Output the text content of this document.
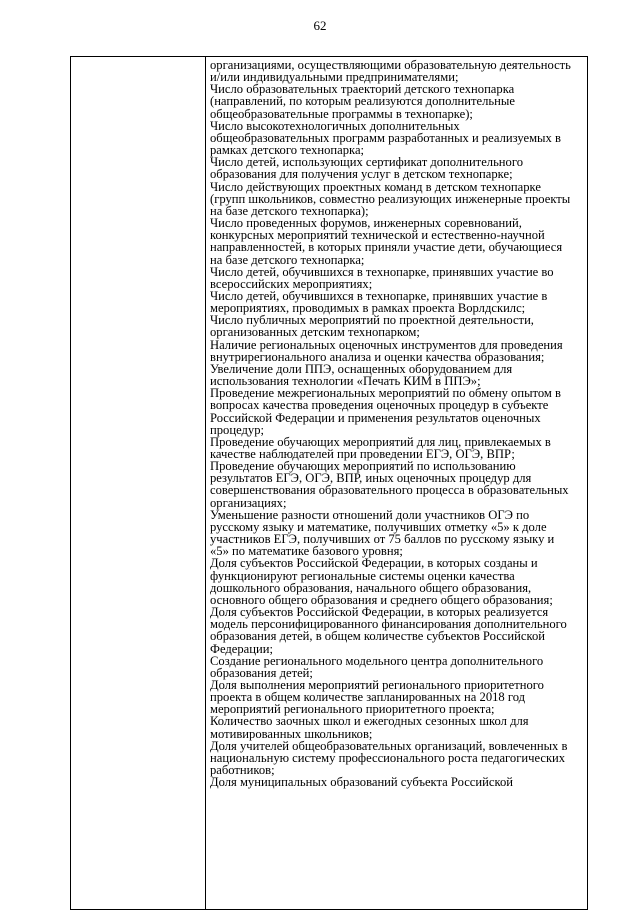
62
организациями, осуществляющими образовательную деятельность
и/или индивидуальными предпринимателями;
Число образовательных траекторий детского технопарка
(направлений, по которым реализуются дополнительные
общеобразовательные программы в технопарке);
Число высокотехнологичных дополнительных
общеобразовательных программ разработанных и реализуемых в
рамках детского технопарка;
Число детей, использующих сертификат дополнительного
образования для получения услуг в детском технопарке;
Число действующих проектных команд в детском технопарке
(групп школьников, совместно реализующих инженерные проекты
на базе детского технопарка);
Число проведенных форумов, инженерных соревнований,
конкурсных мероприятий технической и естественно-научной
направленностей, в которых приняли участие дети, обучающиеся
на базе детского технопарка;
Число детей, обучившихся в технопарке, принявших участие во
всероссийских мероприятиях;
Число детей, обучившихся в технопарке, принявших участие в
мероприятиях, проводимых в рамках проекта Ворлдскилс;
Число публичных мероприятий по проектной деятельности,
организованных детским технопарком;
Наличие региональных оценочных инструментов для проведения
внутрирегионального анализа и оценки качества образования;
Увеличение доли ППЭ, оснащенных оборудованием для
использования технологии «Печать КИМ в ППЭ»;
Проведение межрегиональных мероприятий по обмену опытом в
вопросах качества проведения оценочных процедур в субъекте
Российской Федерации и применения результатов оценочных
процедур;
Проведение обучающих мероприятий для лиц, привлекаемых в
качестве наблюдателей при проведении ЕГЭ, ОГЭ, ВПР;
Проведение обучающих мероприятий по использованию
результатов ЕГЭ, ОГЭ, ВПР, иных оценочных процедур для
совершенствования образовательного процесса в образовательных
организациях;
Уменьшение разности отношений доли участников ОГЭ по
русскому языку и математике, получивших отметку «5» к доле
участников ЕГЭ, получивших от 75 баллов по русскому языку и
«5» по математике базового уровня;
Доля субъектов Российской Федерации, в которых созданы и
функционируют региональные системы оценки качества
дошкольного образования, начального общего образования,
основного общего образования и среднего общего образования;
Доля субъектов Российской Федерации, в которых реализуется
модель персонифицированного финансирования дополнительного
образования детей, в общем количестве субъектов Российской
Федерации;
Создание регионального модельного центра дополнительного
образования детей;
Доля выполнения мероприятий регионального приоритетного
проекта в общем количестве запланированных на 2018 год
мероприятий регионального приоритетного проекта;
Количество заочных школ и ежегодных сезонных школ для
мотивированных школьников;
Доля учителей общеобразовательных организаций, вовлеченных в
национальную систему профессионального роста педагогических
работников;
Доля муниципальных образований субъекта Российской
